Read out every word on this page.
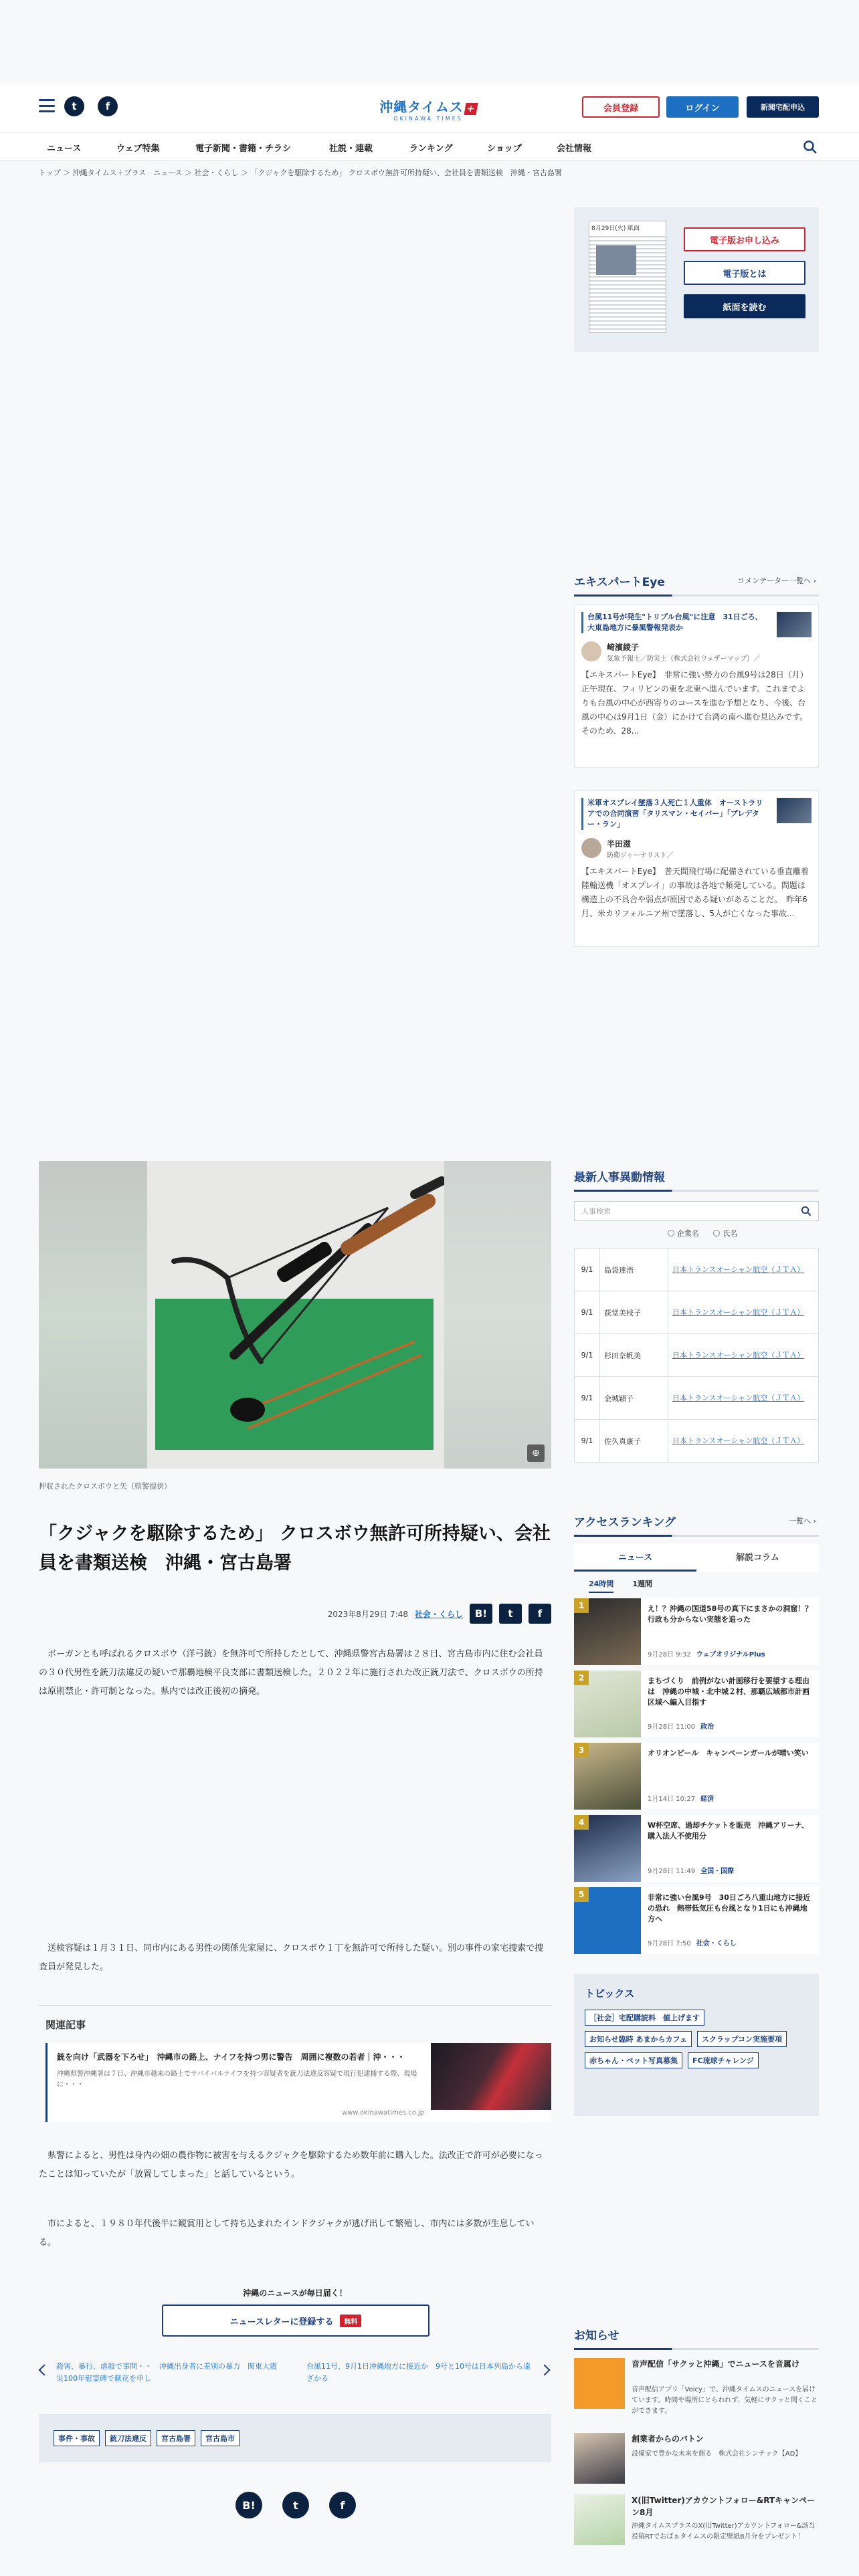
t	f	沖縄タイムス +
OKINAWA TIMES
会員登録	ログイン	新聞宅配申込
ニュース	ウェブ特集	電子新聞・書籍・チラシ	社説・連載	ランキング	ショップ	会社情報
トップ ＞ 沖縄タイムス＋プラス　ニュース ＞ 社会・くらし ＞ 「クジャクを駆除するため」 クロスボウ無許可所持疑い、会社員を書類送検　沖縄・宮古島署
8月29日(火) 紙面
電子版お申し込み
電子版とは
紙面を読む
エキスパートEye	コメンテーター一覧へ ›
台風11号が発生"トリプル台風"に注意　31日ごろ、大東島地方に暴風警報発表か
崎濱綾子
気象予報士／防災士（株式会社ウェザーマップ）／
【エキスパートEye】　非常に強い勢力の台風9号は28日（月）正午現在、フィリピンの東を北東へ進んでいます。これまでよりも台風の中心が西寄りのコースを進む予想となり、今後、台風の中心は9月1日（金）にかけて台湾の南へ進む見込みです。そのため、28...
米軍オスプレイ墜落３人死亡１人重体　オーストラリアでの合同演習「タリスマン・セイバー」「プレデター・ラン」
半田滋
防衛ジャーナリスト／
【エキスパートEye】　普天間飛行場に配備されている垂直離着陸輸送機「オスプレイ」の事故は各地で頻発している。問題は構造上の不具合や弱点が原因である疑いがあることだ。　昨年6月、米カリフォルニア州で墜落し、5人が亡くなった事故...
⊕
押収されたクロスボウと矢（県警提供）
「クジャクを駆除するため」 クロスボウ無許可所持疑い、会社員を書類送検　沖縄・宮古島署
2023年8月29日 7:48 社会・くらし	B!	t	f

ボーガンとも呼ばれるクロスボウ（洋弓銃）を無許可で所持したとして、沖縄県警宮古島署は２８日、宮古島市内に住む会社員の３０代男性を銃刀法違反の疑いで那覇地検平良支部に書類送検した。２０２２年に施行された改正銃刀法で、クロスボウの所持は原則禁止・許可制となった。県内では改正後初の摘発。

送検容疑は１月３１日、同市内にある男性の関係先家屋に、クロスボウ１丁を無許可で所持した疑い。別の事件の家宅捜索で捜査員が発見した。

関連記事
銃を向け「武器を下ろせ」　沖縄市の路上、ナイフを持つ男に警告　周囲に複数の若者｜沖・・・
沖縄県警沖縄署は７日、沖縄市越来の路上でサバイバルナイフを持つ容疑者を銃刀法違反容疑で現行犯逮捕する際、現場に・・・
www.okinawatimes.co.jp

県警によると、男性は身内の畑の農作物に被害を与えるクジャクを駆除するため数年前に購入した。法改正で許可が必要になったことは知っていたが「放置してしまった」と話しているという。

市によると、１９８０年代後半に観賞用として持ち込まれたインドクジャクが逃げ出して繁殖し、市内には多数が生息している。

沖縄のニュースが毎日届く！
ニュースレターに登録する	無料
殺害、暴行、虐殺で事問・・　沖縄出身者に差別の暴力　関東大震災100年慰霊碑で献花を申し
台風11号、9月1日沖縄地方に接近か　9号と10号は日本列島から遠ざかる
事件・事故	銃刀法違反	宮古島署	宮古島市
B!	t	f
最新人事異動情報
人事検索
企業名	氏名
9/1	島袋達浩	日本トランスオーシャン航空（ＪＴＡ）
9/1	荻堂美枝子	日本トランスオーシャン航空（ＪＴＡ）
9/1	杉田奈帆美	日本トランスオーシャン航空（ＪＴＡ）
9/1	金城穎子	日本トランスオーシャン航空（ＪＴＡ）
9/1	佐久真康子	日本トランスオーシャン航空（ＪＴＡ）
アクセスランキング	一覧へ ›
ニュース	解説コラム
24時間	1週間
1	え！？沖縄の国道58号の真下にまさかの洞窟！？　行政も分からない実態を追った
9月28日 9:32 ウェブオリジナルPlus
2	まちづくり　前例がない計画移行を要望する理由は　沖縄の中城・北中城２村、那覇広域都市計画区域へ編入目指す
9月28日 11:00 政治
3	オリオンビール　キャンペーンガールが晴い笑い
1月14日 10:27 経済
4	W杯空席、過却チケットを販売　沖縄アリーナ、購入法人不使用分
9月28日 11:49 全国・国際
5	非常に強い台風9号　30日ごろ八重山地方に接近の恐れ　熱帯低気圧も台風となり1日にも沖縄地方へ
9月28日 7:50 社会・くらし
トピックス
［社会］宅配購読料　値上げます
お知らせ臨時 あまからカフェ	スクラップコン実施要項
赤ちゃん・ペット写真募集	FC琉球チャレンジ
お知らせ
音声配信「サクッと沖縄」でニュースを音属け
音声配信アプリ「Voicy」で、沖縄タイムスのニュースを届けています。時間や場所にとらわれず、気軽にサクッと聞くことができます。
創業者からのバトン
設備家で豊かな未来を創る　株式会社シンテック【AD】
X(旧Twitter)アカウントフォロー&RTキャンペーン8月
沖縄タイムスプラスのX(旧Twitter)アカウントフォロー&該当投稿RTでおばぁタイムスの限定壁紙8月分をプレゼント！
